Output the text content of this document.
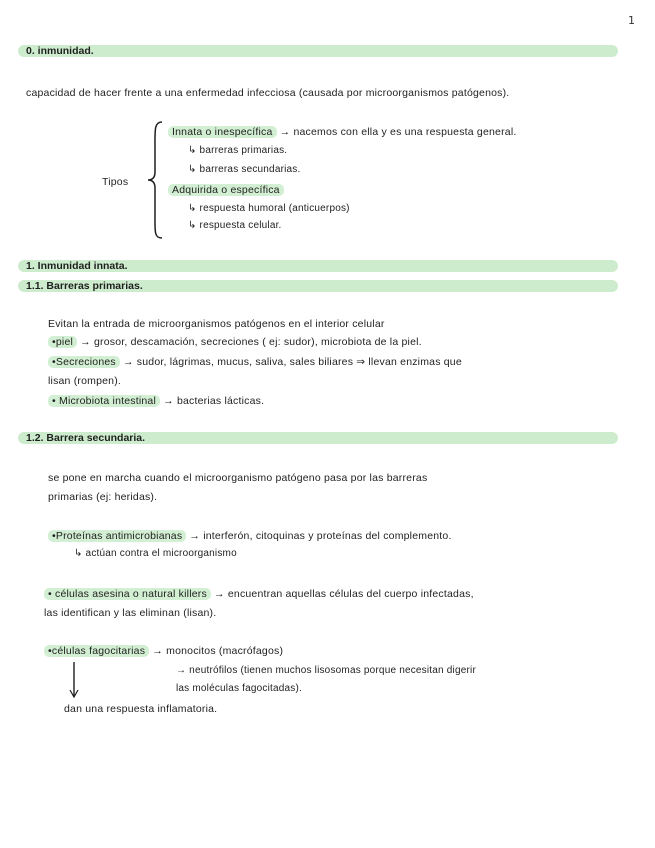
1
0. inmunidad.
capacidad de hacer frente a una enfermedad infecciosa (causada por microorganismos patógenos).
Tipos
Innata o inespecífica → nacemos con ella y es una respuesta general.
↳ barreras primarias.
↳ barreras secundarias.
Adquirida o específica
↳ respuesta humoral (anticuerpos)
↳ respuesta celular.
1. Inmunidad innata.
1.1. Barreras primarias.
Evitan la entrada de microorganismos patógenos en el interior celular
•piel → grosor, descamación, secreciones ( ej: sudor), microbiota de la piel.
•Secreciones → sudor, lágrimas, mucus, saliva, sales biliares ⇒ llevan enzimas que
lisan (rompen).
• Microbiota intestinal → bacterias lácticas.
1.2. Barrera secundaria.
se pone en marcha cuando el microorganismo patógeno pasa por las barreras
primarias (ej: heridas).
•Proteínas antimicrobianas → interferón, citoquinas y proteínas del complemento.
↳ actúan contra el microorganismo
• células asesina o natural killers → encuentran aquellas células del cuerpo infectadas,
las identifican y las eliminan (lisan).
•células fagocitarias → monocitos (macrófagos)
→ neutrófilos (tienen muchos lisosomas porque necesitan digerir
las moléculas fagocitadas).
dan una respuesta inflamatoria.
